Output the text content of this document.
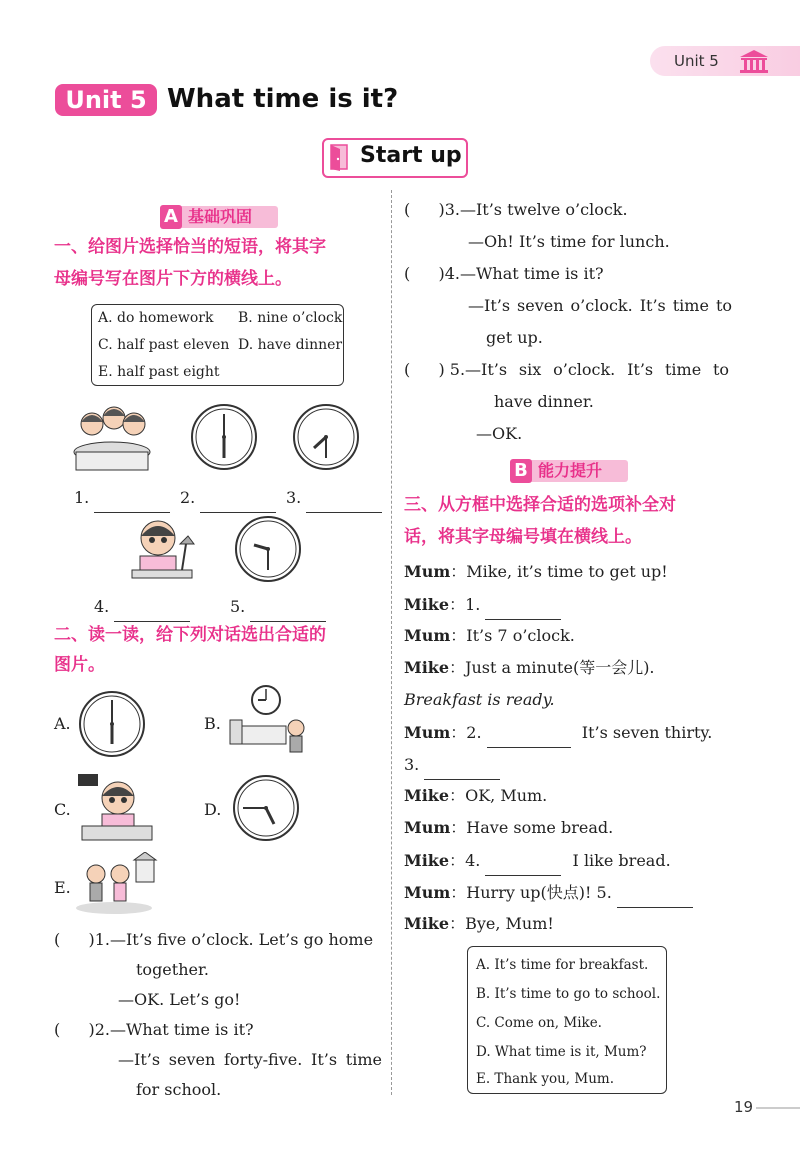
Unit 5
Unit 5 What time is it?
Start up
A 基础巩固
一、给图片选择恰当的短语，将其字
母编号写在图片下方的横线上。
A. do homework B. nine o’clock
C. half past eleven D. have dinner
E. half past eight
1.	2.	3.
4.	5.
二、读一读，给下列对话选出合适的
图片。
A.	B.
C.	D.
E.
( )1.—It’s five o’clock. Let’s go home
together.
—OK. Let’s go!
( )2.—What time is it?
—It’s seven forty-five. It’s time
for school.
( )3.—It’s twelve o’clock.
—Oh! It’s time for lunch.
( )4.—What time is it?
—It’s seven o’clock. It’s time to
get up.
( ) 5.—It’s six o’clock. It’s time to
have dinner.
—OK.
B 能力提升
三、从方框中选择合适的选项补全对
话，将其字母编号填在横线上。
Mum：Mike, it’s time to get up!
Mike：1.
Mum：It’s 7 o’clock.
Mike：Just a minute(等一会儿).
Breakfast is ready.
Mum：2.	It’s seven thirty.
3.
Mike：OK, Mum.
Mum：Have some bread.
Mike：4.	I like bread.
Mum：Hurry up(快点)! 5.
Mike：Bye, Mum!
A. It’s time for breakfast.
B. It’s time to go to school.
C. Come on, Mike.
D. What time is it, Mum?
E. Thank you, Mum.
19
